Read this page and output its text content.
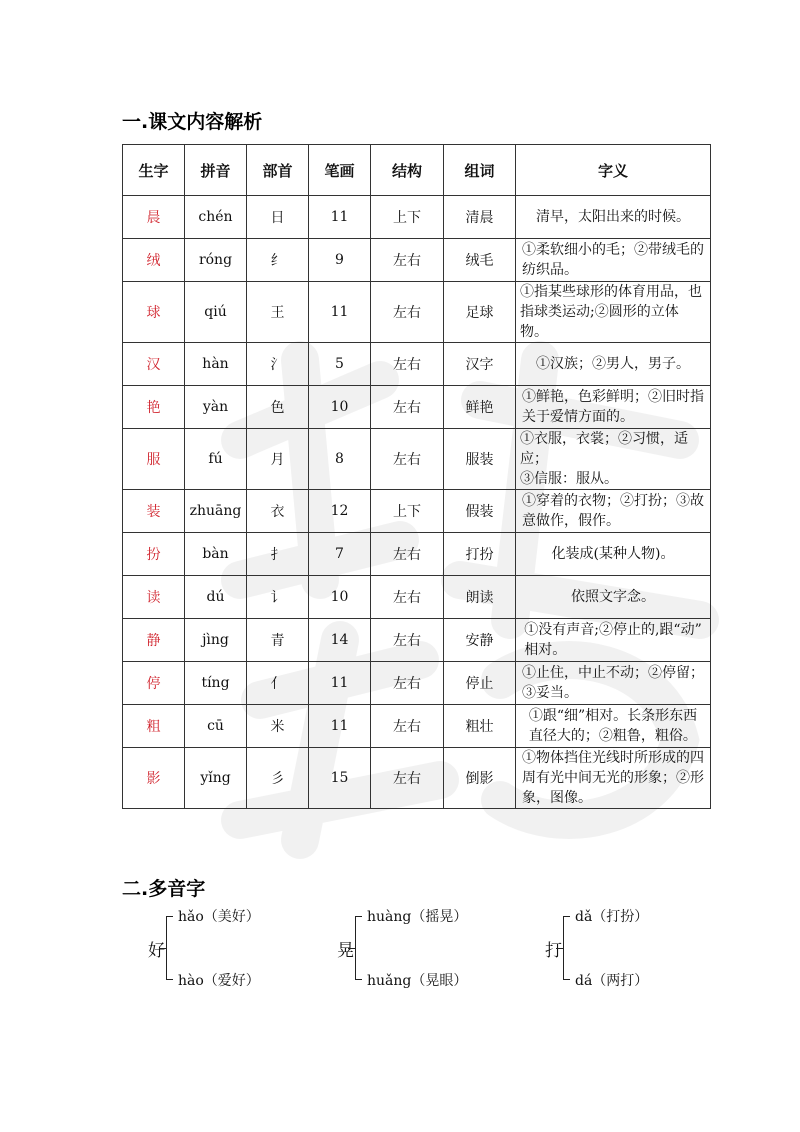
一.课文内容解析
生字	拼音	部首	笔画	结构	组词	字义
晨	chén	日	11	上下	清晨	清早，太阳出来的时候。

绒	róng	纟	9	左右	绒毛	①柔软细小的毛；②带绒毛的
纺织品。

球	qiú	王	11	左右	足球	①指某些球形的体育用品，也
指球类运动;②圆形的立体物。

汉	hàn	氵	5	左右	汉字	①汉族；②男人，男子。

艳	yàn	色	10	左右	鲜艳	①鲜艳，色彩鲜明；②旧时指
关于爱情方面的。

服	fú	月	8	左右	服装	①衣服，衣裳；②习惯，适应；
③信服：服从。

装	zhuāng	衣	12	上下	假装	①穿着的衣物；②打扮；③故
意做作，假作。

扮	bàn	扌	7	左右	打扮	化装成(某种人物)。

读	dú	讠	10	左右	朗读	依照文字念。

静	jìng	青	14	左右	安静	①没有声音;②停止的,跟“动”
相对。

停	tíng	亻	11	左右	停止	①止住，中止不动；②停留；
③妥当。

粗	cū	米	11	左右	粗壮	①跟“细”相对。长条形东西
直径大的；②粗鲁，粗俗。

影	yǐng	彡	15	左右	倒影	①物体挡住光线时所形成的四
周有光中间无光的形象；②形
象，图像。
二.多音字
好
hǎo（美好）
hào（爱好）
晃
huàng（摇晃）
huǎng（晃眼）
打
dǎ（打扮）
dá（两打）
